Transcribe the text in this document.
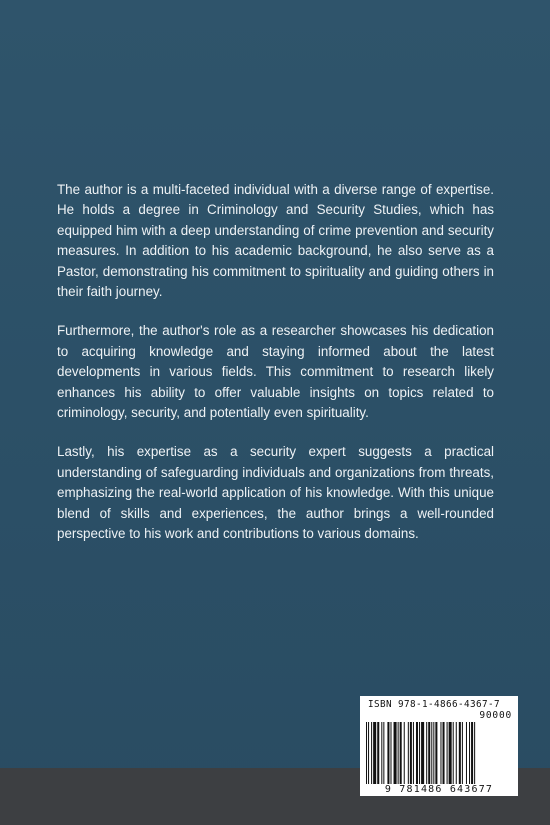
The author is a multi-faceted individual with a diverse range of expertise. He holds a degree in Criminology and Security Studies, which has equipped him with a deep understanding of crime prevention and security measures. In addition to his academic background, he also serve as a Pastor, demonstrating his commitment to spirituality and guiding others in their faith journey.

Furthermore, the author's role as a researcher showcases his dedication to acquiring knowledge and staying informed about the latest developments in various fields. This commitment to research likely enhances his ability to offer valuable insights on topics related to criminology, security, and potentially even spirituality.

Lastly, his expertise as a security expert suggests a practical understanding of safeguarding individuals and organizations from threats, emphasizing the real-world application of his knowledge. With this unique blend of skills and experiences, the author brings a well-rounded perspective to his work and contributions to various domains.

ISBN 978-1-4866-4367-7
90000
9 781486 643677
